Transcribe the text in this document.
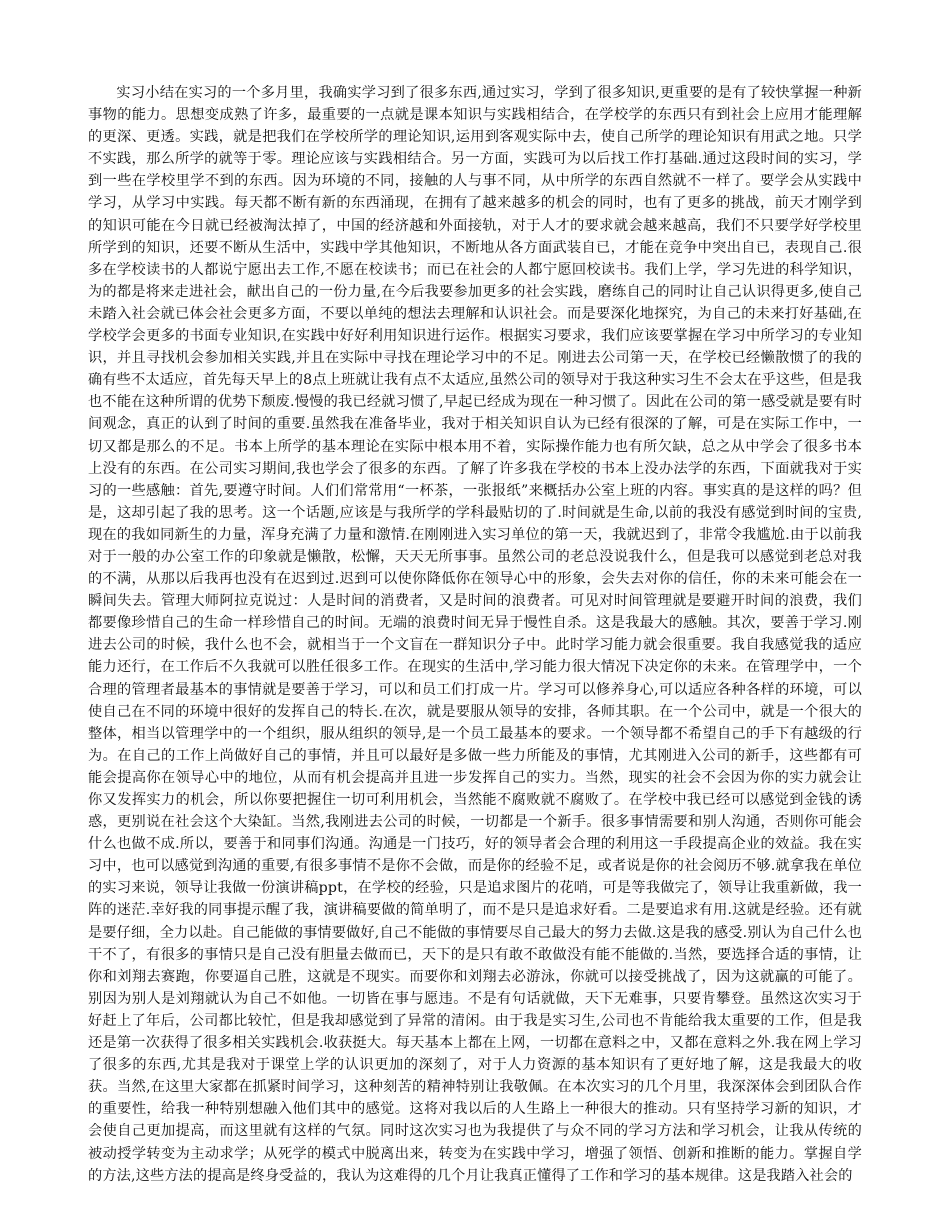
实习小结在实习的一个多月里，我确实学习到了很多东西,通过实习，学到了很多知识,更重要的是有了较快掌握一种新事物的能力。思想变成熟了许多，最重要的一点就是课本知识与实践相结合，在学校学的东西只有到社会上应用才能理解的更深、更透。实践，就是把我们在学校所学的理论知识,运用到客观实际中去，使自己所学的理论知识有用武之地。只学不实践，那么所学的就等于零。理论应该与实践相结合。另一方面，实践可为以后找工作打基础.通过这段时间的实习，学到一些在学校里学不到的东西。因为环境的不同，接触的人与事不同，从中所学的东西自然就不一样了。要学会从实践中学习，从学习中实践。每天都不断有新的东西涌现，在拥有了越来越多的机会的同时，也有了更多的挑战，前天才刚学到的知识可能在今日就已经被淘汰掉了，中国的经济越和外面接轨，对于人才的要求就会越来越高，我们不只要学好学校里所学到的知识，还要不断从生活中，实践中学其他知识，不断地从各方面武装自已，才能在竞争中突出自已，表现自己.很多在学校读书的人都说宁愿出去工作,不愿在校读书；而已在社会的人都宁愿回校读书。我们上学，学习先进的科学知识，为的都是将来走进社会，献出自己的一份力量,在今后我要参加更多的社会实践，磨练自己的同时让自己认识得更多,使自己未踏入社会就已体会社会更多方面，不要以单纯的想法去理解和认识社会。而是要深化地探究，为自己的未来打好基础,在学校学会更多的书面专业知识,在实践中好好利用知识进行运作。根据实习要求，我们应该要掌握在学习中所学习的专业知识，并且寻找机会参加相关实践,并且在实际中寻找在理论学习中的不足。刚进去公司第一天，在学校已经懒散惯了的我的确有些不太适应，首先每天早上的8点上班就让我有点不太适应,虽然公司的领导对于我这种实习生不会太在乎这些，但是我也不能在这种所谓的优势下颓废.慢慢的我已经就习惯了,早起已经成为现在一种习惯了。因此在公司的第一感受就是要有时间观念，真正的认到了时间的重要.虽然我在准备毕业，我对于相关知识自认为已经有很深的了解，可是在实际工作中，一切又都是那么的不足。书本上所学的基本理论在实际中根本用不着，实际操作能力也有所欠缺，总之从中学会了很多书本上没有的东西。在公司实习期间,我也学会了很多的东西。了解了许多我在学校的书本上没办法学的东西，下面就我对于实习的一些感触：首先,要遵守时间。人们们常常用“一杯茶，一张报纸”来概括办公室上班的内容。事实真的是这样的吗？但是，这却引起了我的思考。这一个话题,应该是与我所学的学科最贴切的了.时间就是生命,以前的我没有感觉到时间的宝贵,现在的我如同新生的力量，浑身充满了力量和激情.在刚刚进入实习单位的第一天，我就迟到了，非常令我尴尬.由于以前我对于一般的办公室工作的印象就是懒散，松懈，天天无所事事。虽然公司的老总没说我什么，但是我可以感觉到老总对我的不满，从那以后我再也没有在迟到过.迟到可以使你降低你在领导心中的形象，会失去对你的信任，你的未来可能会在一瞬间失去。管理大师阿拉克说过：人是时间的消费者，又是时间的浪费者。可见对时间管理就是要避开时间的浪费，我们都要像珍惜自己的生命一样珍惜自己的时间。无端的浪费时间无异于慢性自杀。这是我最大的感触。其次，要善于学习.刚进去公司的时候，我什么也不会，就相当于一个文盲在一群知识分子中。此时学习能力就会很重要。我自我感觉我的适应能力还行，在工作后不久我就可以胜任很多工作。在现实的生活中,学习能力很大情况下决定你的未来。在管理学中，一个合理的管理者最基本的事情就是要善于学习，可以和员工们打成一片。学习可以修养身心,可以适应各种各样的环境，可以使自己在不同的环境中很好的发挥自己的特长.在次，就是要服从领导的安排，各师其职。在一个公司中，就是一个很大的整体，相当以管理学中的一个组织，服从组织的领导,是一个员工最基本的要求。一个领导都不希望自己的手下有越级的行为。在自己的工作上尚做好自己的事情，并且可以最好是多做一些力所能及的事情，尤其刚进入公司的新手，这些都有可能会提高你在领导心中的地位，从而有机会提高并且进一步发挥自己的实力。当然，现实的社会不会因为你的实力就会让你又发挥实力的机会，所以你要把握住一切可利用机会，当然能不腐败就不腐败了。在学校中我已经可以感觉到金钱的诱惑，更别说在社会这个大染缸。当然,我刚进去公司的时候，一切都是一个新手。很多事情需要和别人沟通，否则你可能会什么也做不成.所以，要善于和同事们沟通。沟通是一门技巧，好的领导者会合理的利用这一手段提高企业的效益。我在实习中，也可以感觉到沟通的重要,有很多事情不是你不会做，而是你的经验不足，或者说是你的社会阅历不够.就拿我在单位的实习来说，领导让我做一份演讲稿ppt，在学校的经验，只是追求图片的花哨，可是等我做完了，领导让我重新做，我一阵的迷茫.幸好我的同事提示醒了我，演讲稿要做的简单明了，而不是只是追求好看。二是要追求有用.这就是经验。还有就是要仔细，全力以赴。自己能做的事情要做好,自己不能做的事情要尽自己最大的努力去做.这是我的感受.别认为自己什么也干不了，有很多的事情只是自己没有胆量去做而已，天下的是只有敢不敢做没有能不能做的.当然，要选择合适的事情，让你和刘翔去赛跑，你要逼自己胜，这就是不现实。而要你和刘翔去必游泳，你就可以接受挑战了，因为这就赢的可能了。别因为别人是刘翔就认为自己不如他。一切皆在事与愿违。不是有句话就做，天下无难事，只要肯攀登。虽然这次实习于好赶上了年后，公司都比较忙，但是我却感觉到了异常的清闲。由于我是实习生,公司也不肯能给我太重要的工作，但是我还是第一次获得了很多相关实践机会.收获挺大。每天基本上都在上网，一切都在意料之中，又都在意料之外.我在网上学习了很多的东西,尤其是我对于课堂上学的认识更加的深刻了，对于人力资源的基本知识有了更好地了解，这是我最大的收获。当然,在这里大家都在抓紧时间学习，这种刻苦的精神特别让我敬佩。在本次实习的几个月里，我深深体会到团队合作的重要性，给我一种特别想融入他们其中的感觉。这将对我以后的人生路上一种很大的推动。只有坚持学习新的知识，才会使自己更加提高，而这里就有这样的气氛。同时这次实习也为我提供了与众不同的学习方法和学习机会，让我从传统的被动授学转变为主动求学；从死学的模式中脱离出来，转变为在实践中学习，增强了领悟、创新和推断的能力。掌握自学的方法,这些方法的提高是终身受益的，我认为这难得的几个月让我真正懂得了工作和学习的基本规律。这是我踏入社会的
